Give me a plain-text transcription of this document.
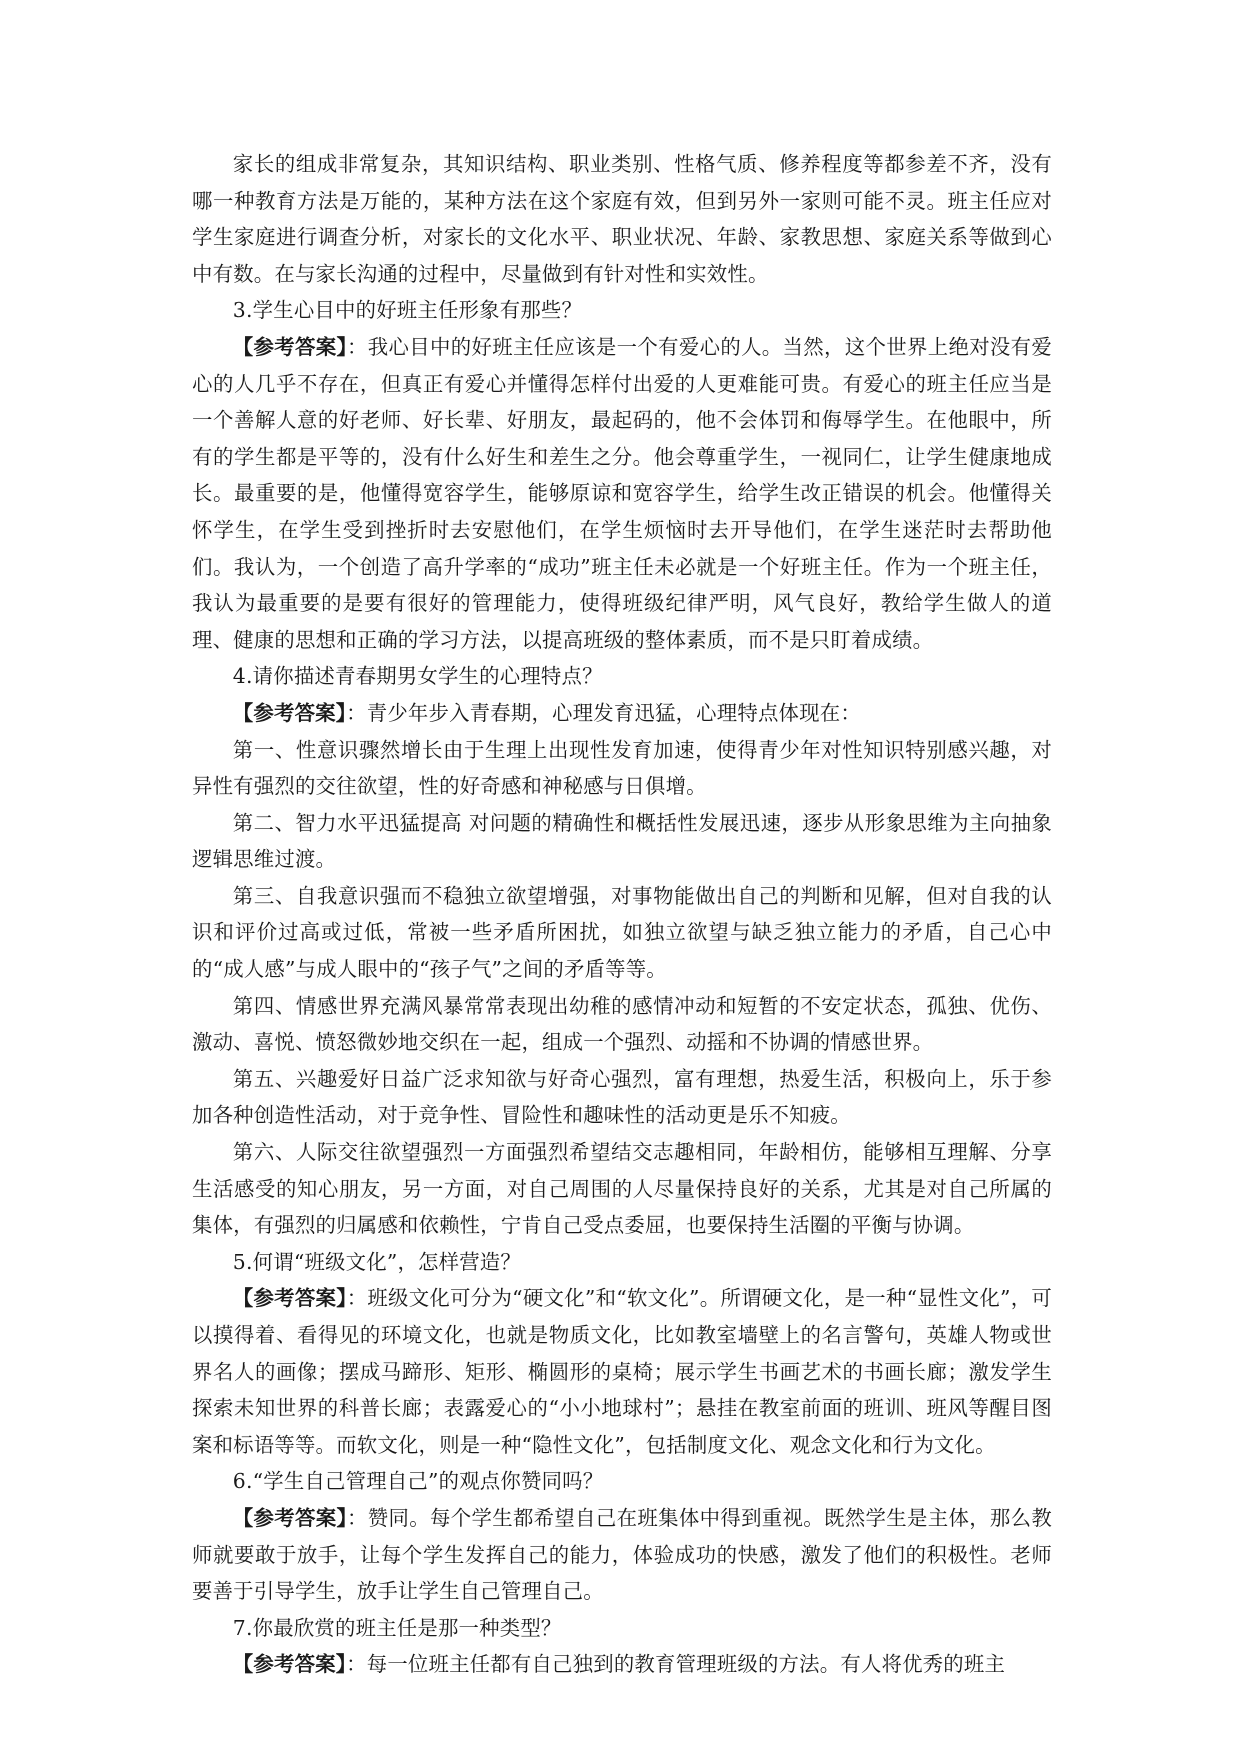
家长的组成非常复杂，其知识结构、职业类别、性格气质、修养程度等都参差不齐，没有哪一种教育方法是万能的，某种方法在这个家庭有效，但到另外一家则可能不灵。班主任应对学生家庭进行调查分析，对家长的文化水平、职业状况、年龄、家教思想、家庭关系等做到心中有数。在与家长沟通的过程中，尽量做到有针对性和实效性。

3.学生心目中的好班主任形象有那些？

【参考答案】：我心目中的好班主任应该是一个有爱心的人。当然，这个世界上绝对没有爱心的人几乎不存在，但真正有爱心并懂得怎样付出爱的人更难能可贵。有爱心的班主任应当是一个善解人意的好老师、好长辈、好朋友，最起码的，他不会体罚和侮辱学生。在他眼中，所有的学生都是平等的，没有什么好生和差生之分。他会尊重学生，一视同仁，让学生健康地成长。最重要的是，他懂得宽容学生，能够原谅和宽容学生，给学生改正错误的机会。他懂得关怀学生，在学生受到挫折时去安慰他们，在学生烦恼时去开导他们，在学生迷茫时去帮助他们。我认为，一个创造了高升学率的“成功”班主任未必就是一个好班主任。作为一个班主任，我认为最重要的是要有很好的管理能力，使得班级纪律严明，风气良好，教给学生做人的道理、健康的思想和正确的学习方法，以提高班级的整体素质，而不是只盯着成绩。

4.请你描述青春期男女学生的心理特点？

【参考答案】：青少年步入青春期，心理发育迅猛，心理特点体现在：

第一、性意识骤然增长由于生理上出现性发育加速，使得青少年对性知识特别感兴趣，对异性有强烈的交往欲望，性的好奇感和神秘感与日俱增。

第二、智力水平迅猛提高 对问题的精确性和概括性发展迅速，逐步从形象思维为主向抽象逻辑思维过渡。

第三、自我意识强而不稳独立欲望增强，对事物能做出自己的判断和见解，但对自我的认识和评价过高或过低，常被一些矛盾所困扰，如独立欲望与缺乏独立能力的矛盾，自己心中的“成人感”与成人眼中的“孩子气”之间的矛盾等等。

第四、情感世界充满风暴常常表现出幼稚的感情冲动和短暂的不安定状态，孤独、优伤、激动、喜悦、愤怒微妙地交织在一起，组成一个强烈、动摇和不协调的情感世界。

第五、兴趣爱好日益广泛求知欲与好奇心强烈，富有理想，热爱生活，积极向上，乐于参加各种创造性活动，对于竞争性、冒险性和趣味性的活动更是乐不知疲。

第六、人际交往欲望强烈一方面强烈希望结交志趣相同，年龄相仿，能够相互理解、分享生活感受的知心朋友，另一方面，对自己周围的人尽量保持良好的关系，尤其是对自己所属的集体，有强烈的归属感和依赖性，宁肯自己受点委屈，也要保持生活圈的平衡与协调。

5.何谓“班级文化”，怎样营造？

【参考答案】：班级文化可分为“硬文化”和“软文化”。所谓硬文化，是一种“显性文化”，可以摸得着、看得见的环境文化，也就是物质文化，比如教室墙壁上的名言警句，英雄人物或世界名人的画像；摆成马蹄形、矩形、椭圆形的桌椅；展示学生书画艺术的书画长廊；激发学生探索未知世界的科普长廊；表露爱心的“小小地球村”；悬挂在教室前面的班训、班风等醒目图案和标语等等。而软文化，则是一种“隐性文化”，包括制度文化、观念文化和行为文化。

6.“学生自己管理自己”的观点你赞同吗？

【参考答案】：赞同。每个学生都希望自己在班集体中得到重视。既然学生是主体，那么教师就要敢于放手，让每个学生发挥自己的能力，体验成功的快感，激发了他们的积极性。老师要善于引导学生，放手让学生自己管理自己。

7.你最欣赏的班主任是那一种类型？

【参考答案】：每一位班主任都有自己独到的教育管理班级的方法。有人将优秀的班主
